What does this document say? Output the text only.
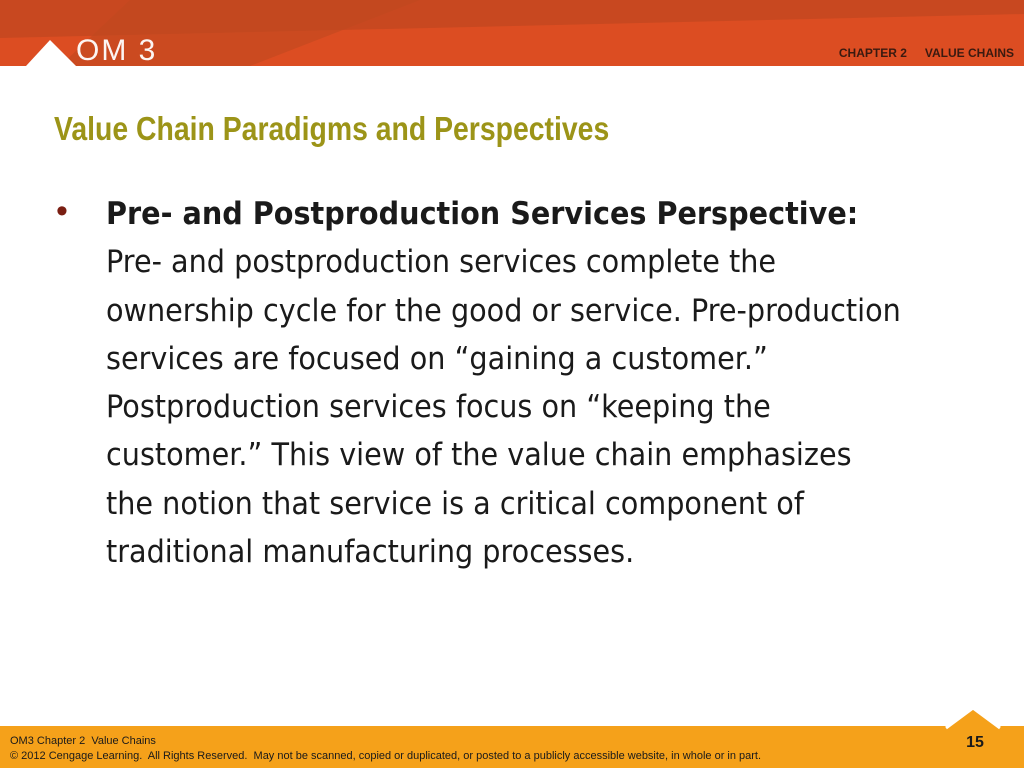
OM 3	CHAPTER 2 VALUE CHAINS
Value Chain Paradigms and Perspectives
• Pre- and Postproduction Services Perspective:  Pre- and postproduction services complete the ownership cycle for the good or service. Pre-production services are focused on “gaining a customer.” Postproduction services focus on “keeping the customer.” This view of the value chain emphasizes the notion that service is a critical component of traditional manufacturing processes.

OM3 Chapter 2  Value Chains
© 2012 Cengage Learning.  All Rights Reserved.  May not be scanned, copied or duplicated, or posted to a publicly accessible website, in whole or in part.
15
